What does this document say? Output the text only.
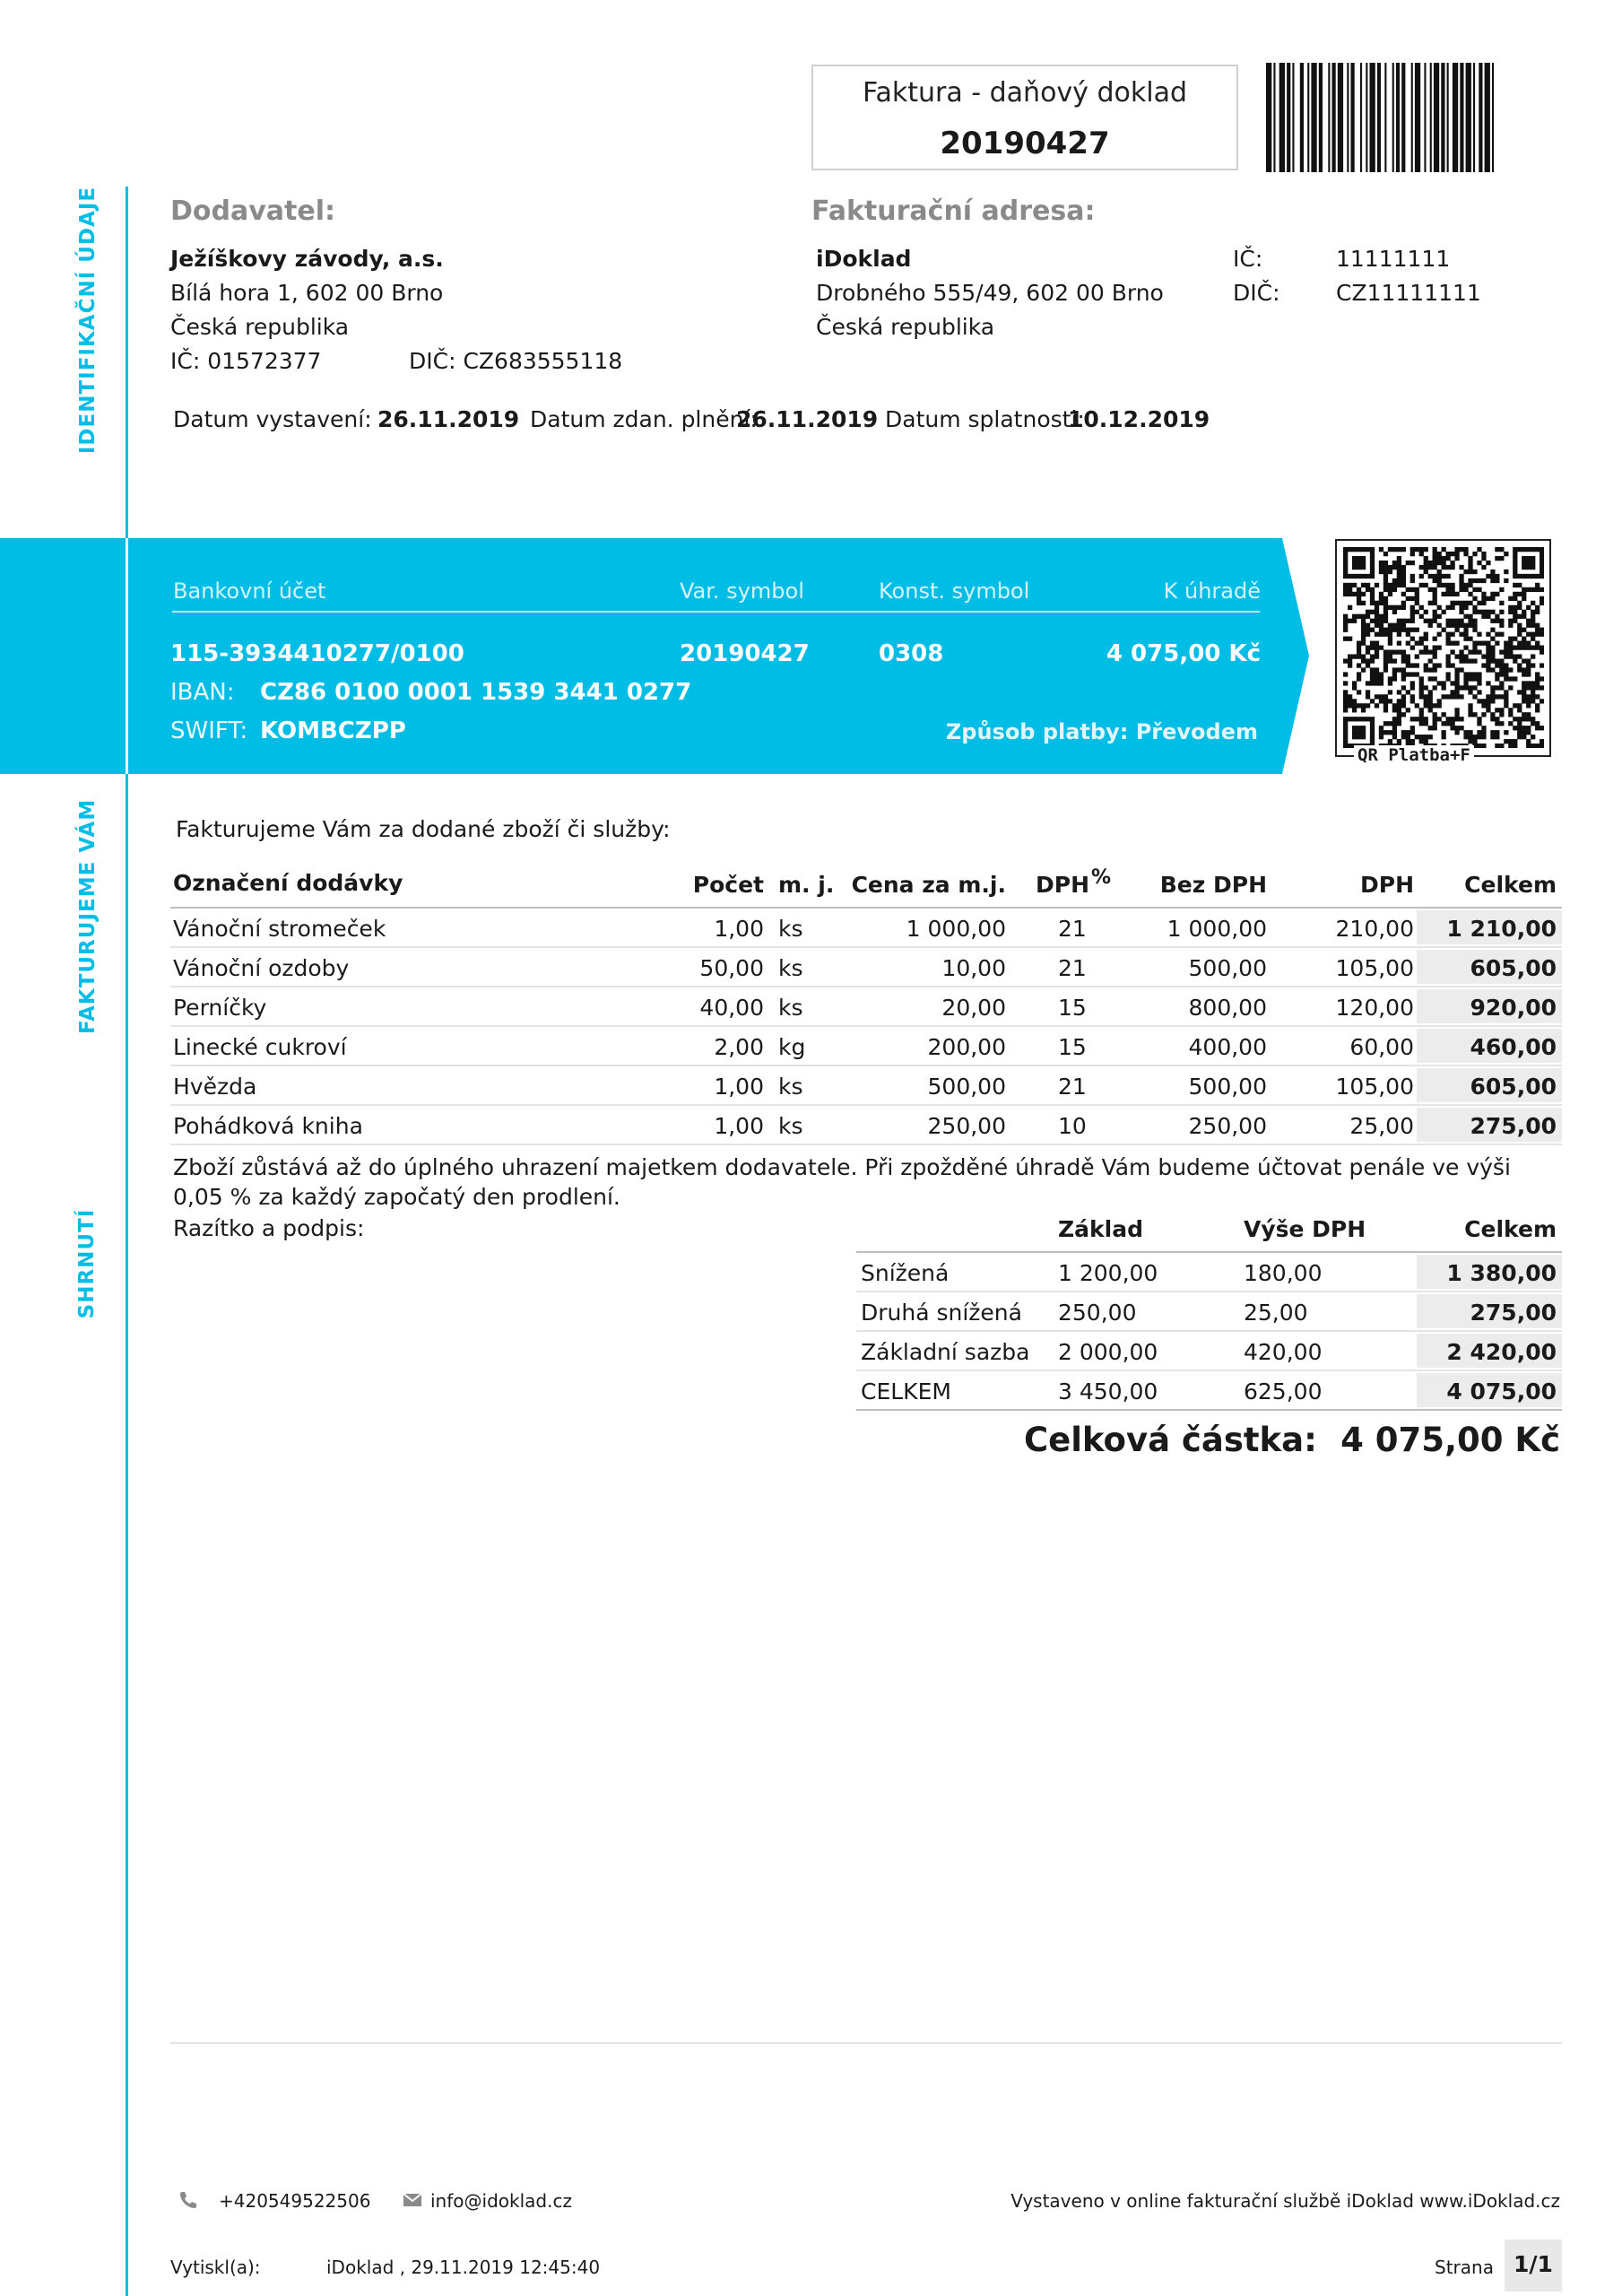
IDENTIFIKAČNÍ ÚDAJE
FAKTURUJEME VÁM
SHRNUTÍ
Faktura - daňový doklad
20190427
Dodavatel:
Ježíškovy závody, a.s.
Bílá hora 1, 602 00 Brno
Česká republika
IČ: 01572377	DIČ: CZ683555118
Fakturační adresa:
iDoklad
Drobného 555/49, 602 00 Brno
Česká republika
IČ:	11111111
DIČ: CZ11111111
Datum vystavení: 26.11.2019 Datum zdan. plnění:
26.11.2019 Datum splatnosti:
10.12.2019
Bankovní účet	Var. symbol	Konst. symbol	K úhradě
115-3934410277/0100	20190427	0308	4 075,00 Kč
IBAN: CZ86 0100 0001 1539 3441 0277
SWIFT: KOMBCZPP	Způsob platby: Převodem
QR Platba+F
Fakturujeme Vám za dodané zboží či služby:
Označení dodávky	Počet m. j. Cena za m.j. DPH %	Bez DPH	DPH	Celkem
Vánoční stromeček	1,00 ks	1 000,00 21	1 000,00	210,00	1 210,00
Vánoční ozdoby	50,00 ks	10,00 21	500,00	105,00	605,00
Perníčky	40,00 ks	20,00 15	800,00	120,00	920,00
Linecké cukroví	2,00 kg	200,00 15	400,00	60,00	460,00
Hvězda	1,00 ks	500,00 21	500,00	105,00	605,00
Pohádková kniha	1,00 ks	250,00 10	250,00	25,00	275,00
Zboží zůstává až do úplného uhrazení majetkem dodavatele. Při zpožděné úhradě Vám budeme účtovat penále ve výši 0,05 % za každý započatý den prodlení.
Razítko a podpis:	Základ	Výše DPH	Celkem
Snížená	1 200,00	180,00	1 380,00
Druhá snížená 250,00	25,00	275,00
Základní sazba 2 000,00	420,00	2 420,00
CELKEM	3 450,00	625,00	4 075,00
Celková částka: 4 075,00 Kč
+420549522506	info@idoklad.cz	Vystaveno v online fakturační službě iDoklad www.iDoklad.cz
Vytiskl(a):	iDoklad , 29.11.2019 12:45:40	Strana 1/1
